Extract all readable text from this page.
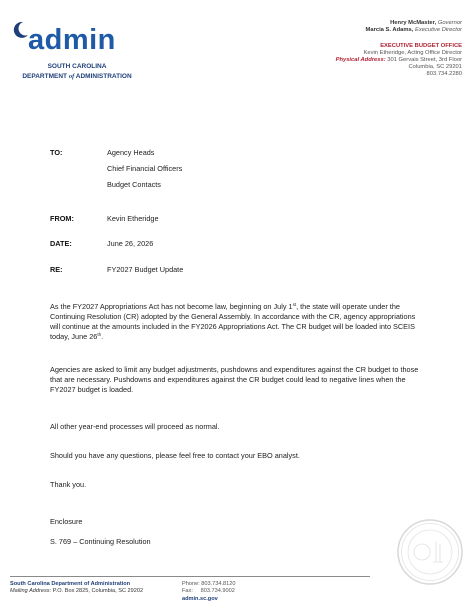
admin
SOUTH CAROLINA
DEPARTMENT of ADMINISTRATION
Henry McMaster, Governor
Marcia S. Adams, Executive Director
EXECUTIVE BUDGET OFFICE
Kevin Etheridge, Acting Office Director
Physical Address: 301 Gervais Street, 3rd Floor
Columbia, SC 29201
803.734.2280
TO:	Agency Heads
Chief Financial Officers
Budget Contacts
FROM:	Kevin Etheridge
DATE:	June 26, 2026
RE:	FY2027 Budget Update
As the FY2027 Appropriations Act has not become law, beginning on July 1st, the state will operate under the Continuing Resolution (CR) adopted by the General Assembly. In accordance with the CR, agency appropriations will continue at the amounts included in the FY2026 Appropriations Act. The CR budget will be loaded into SCEIS today, June 26th.
Agencies are asked to limit any budget adjustments, pushdowns and expenditures against the CR budget to those that are necessary. Pushdowns and expenditures against the CR budget could lead to negative lines when the FY2027 budget is loaded.
All other year-end processes will proceed as normal.
Should you have any questions, please feel free to contact your EBO analyst.
Thank you.
Enclosure
S. 769 – Continuing Resolution
South Carolina Department of Administration
Mailing Address: P.O. Box 2825, Columbia, SC 29202
Phone: 803.734.8120
Fax:     803.734.9002
admin.sc.gov
